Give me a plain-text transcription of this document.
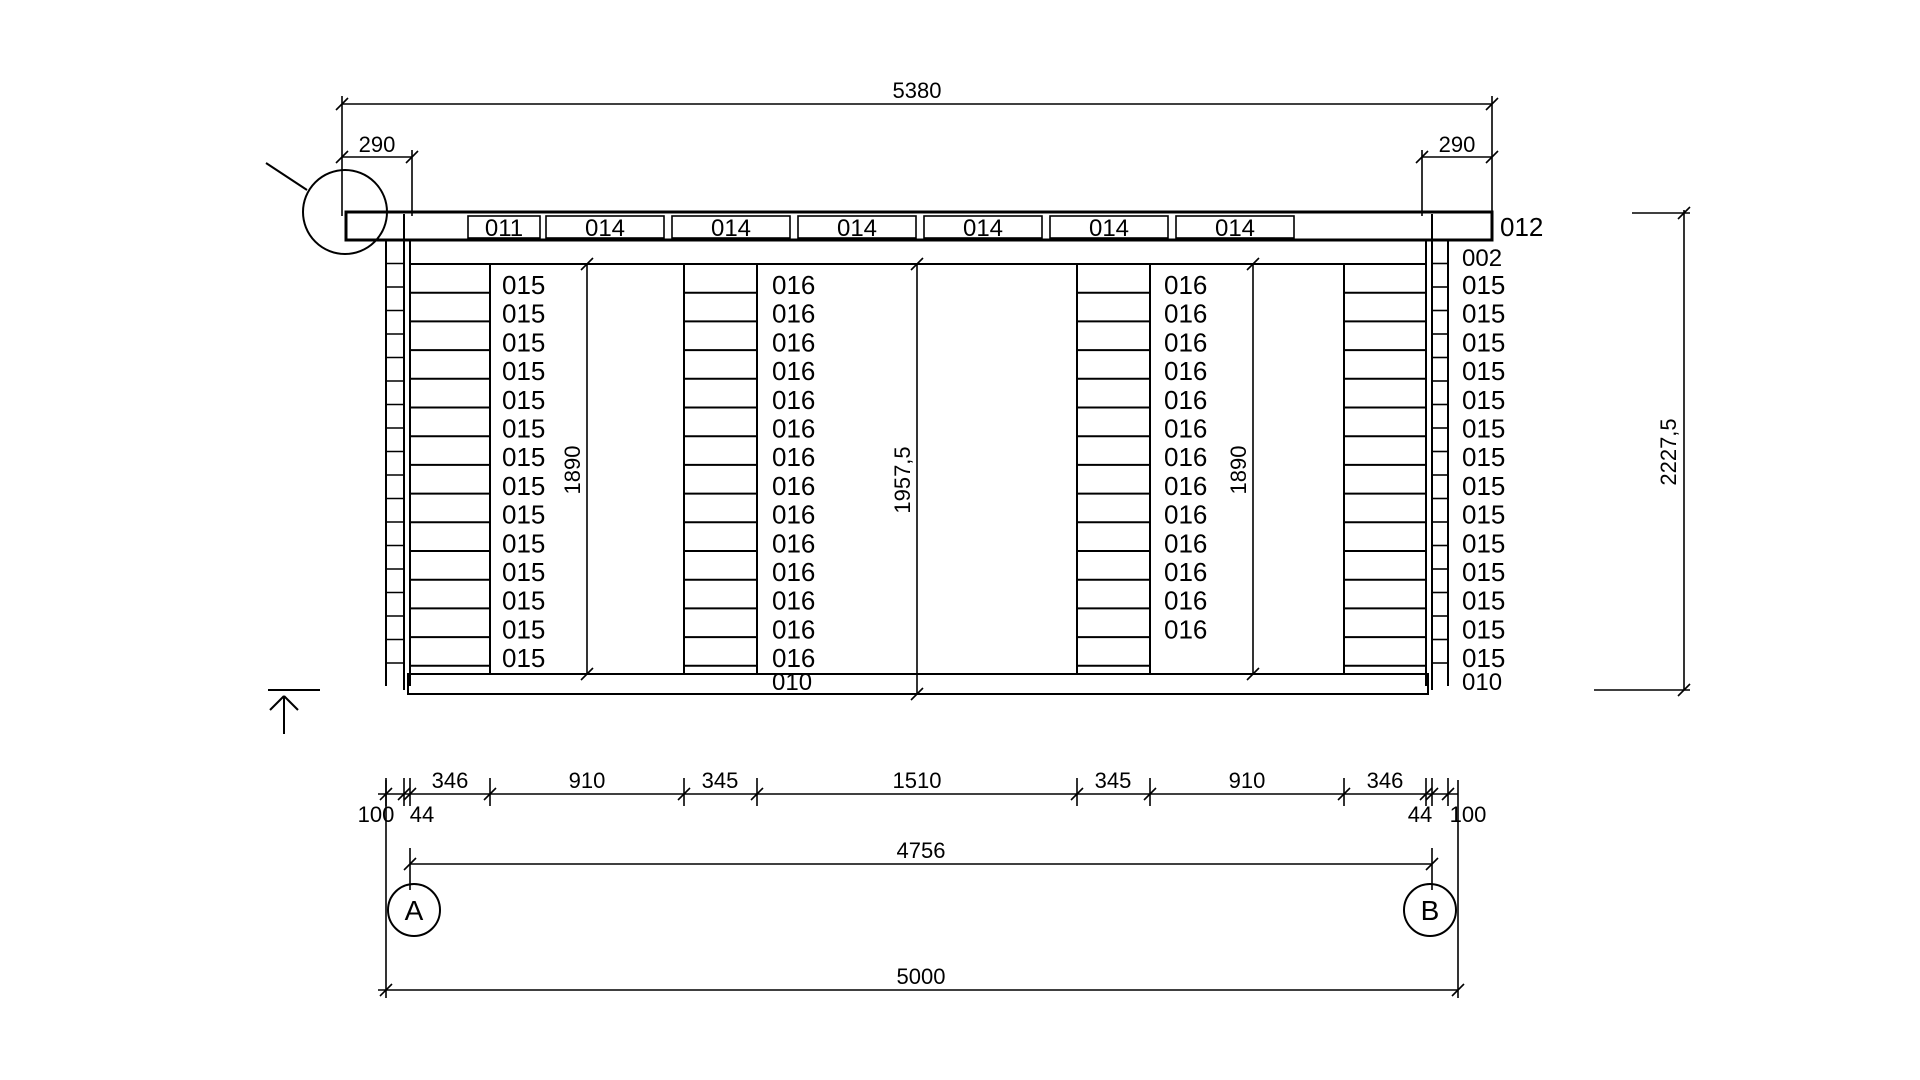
5380
290	290
011	014	014	014	014	014	014	012
015
015
015
015
015
015
015
015
015
015
015
015
015
015
016
016
016
016
016
016
016
016
016
016
016
016
016
016
016
016
016
016
016
016
016
016
016
016
016
016
016
015
015
015
015
015
015
015
015
015
015
015
015
015
015
002
010
010
1890	1957,5	1890	2227,5
346	910	345	1510	345	910	346
100 44	44 100
4756
A	B
5000
